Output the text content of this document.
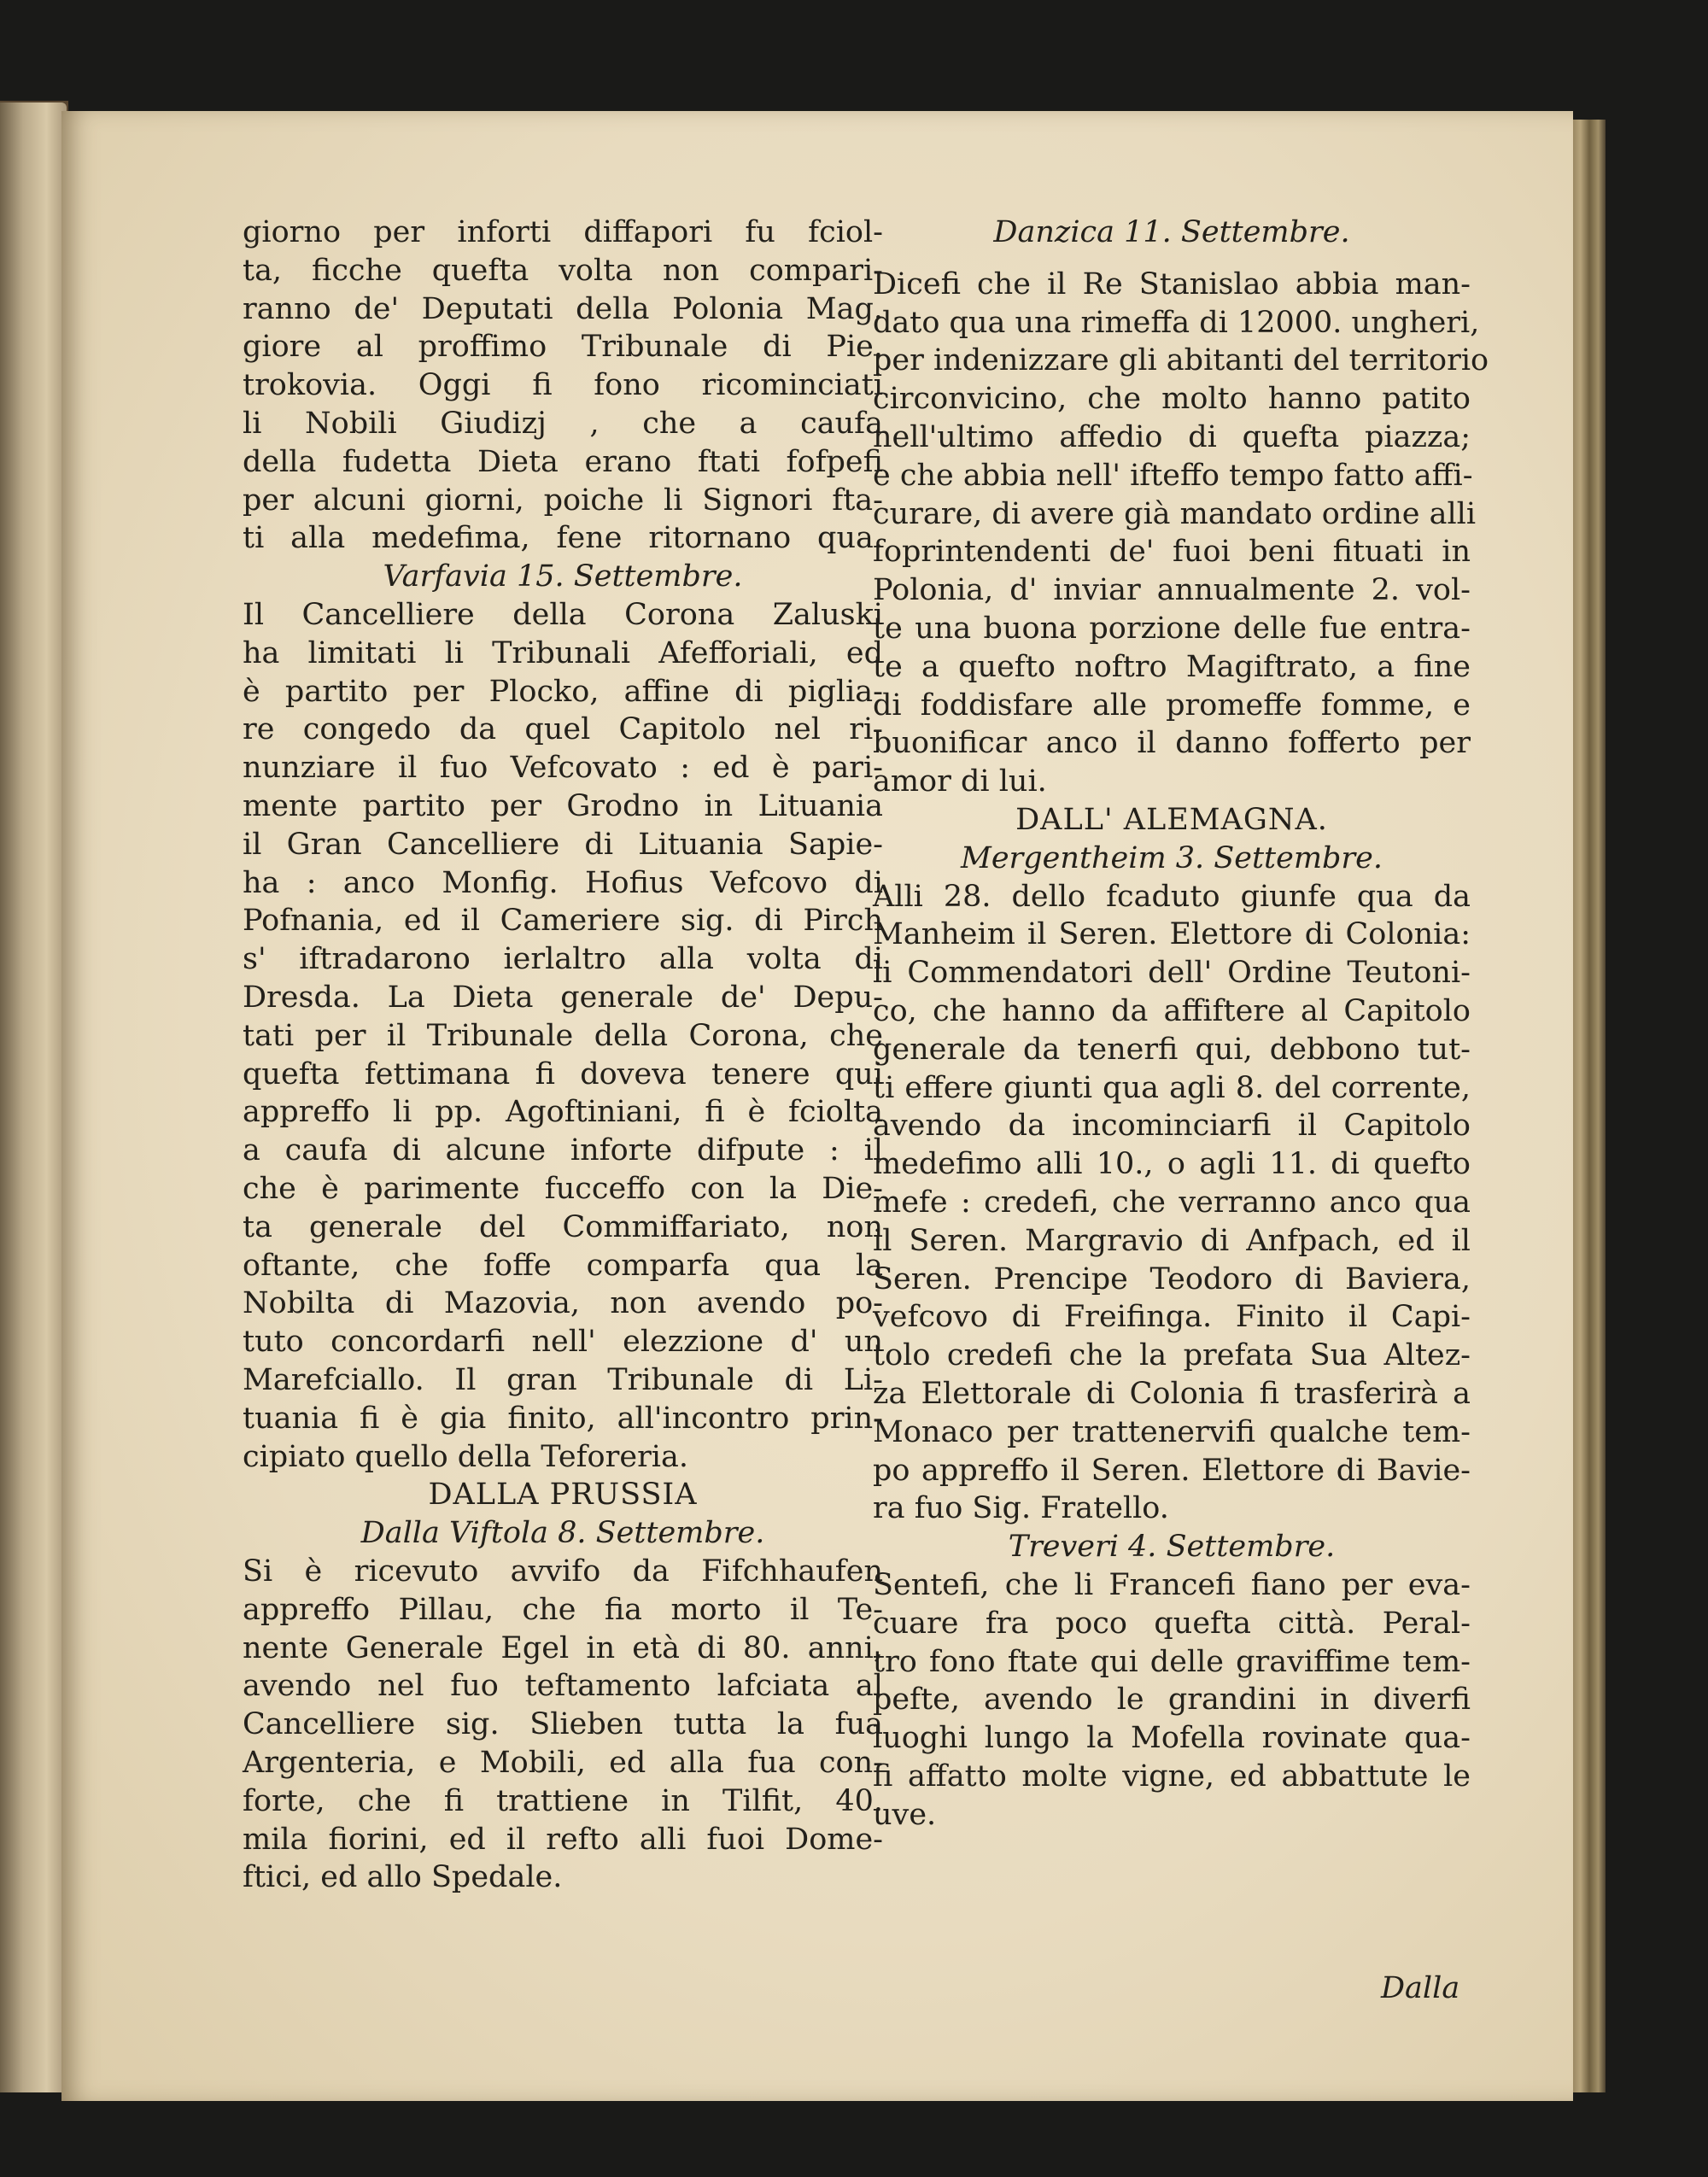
giorno per inforti diffapori fu fciol-
ta, ficche quefta volta non compari-
ranno de' Deputati della Polonia Mag.
giore al proffimo Tribunale di Pie.
trokovia. Oggi fi fono ricominciati
li Nobili Giudizj , che a caufa
della fudetta Dieta erano ftati fofpefi
per alcuni giorni, poiche li Signori fta-
ti alla medefima, fene ritornano qua.
Varfavia 15. Settembre.
Il Cancelliere della Corona Zaluski
ha limitati li Tribunali Afefforiali, ed
è partito per Plocko, affine di piglia-
re congedo da quel Capitolo nel ri-
nunziare il fuo Vefcovato : ed è pari-
mente partito per Grodno in Lituania
il Gran Cancelliere di Lituania Sapie-
ha : anco Monfig. Hofius Vefcovo di
Pofnania, ed il Cameriere sig. di Pirch
s' iftradarono ierlaltro alla volta di
Dresda. La Dieta generale de' Depu-
tati per il Tribunale della Corona, che
quefta fettimana fi doveva tenere qui
appreffo li pp. Agoftiniani, fi è fciolta
a caufa di alcune inforte difpute : il
che è parimente fucceffo con la Die-
ta generale del Commiffariato, non
oftante, che foffe comparfa qua la
Nobilta di Mazovia, non avendo po-
tuto concordarfi nell' elezzione d' un
Marefciallo. Il gran Tribunale di Li-
tuania fi è gia finito, all'incontro prin-
cipiato quello della Teforeria.
DALLA PRUSSIA
Dalla Viftola 8. Settembre.
Si è ricevuto avvifo da Fifchhaufen
appreffo Pillau, che fia morto il Te-
nente Generale Egel in età di 80. anni,
avendo nel fuo teftamento lafciata al
Cancelliere sig. Slieben tutta la fua
Argenteria, e Mobili, ed alla fua con-
forte, che fi trattiene in Tilfit, 40.
mila fiorini, ed il refto alli fuoi Dome-
ftici, ed allo Spedale.
Danzica 11. Settembre.
Dicefi che il Re Stanislao abbia man-
dato qua una rimeffa di 12000. ungheri,
per indenizzare gli abitanti del territorio
circonvicino, che molto hanno patito
nell'ultimo affedio di quefta piazza;
e che abbia nell' ifteffo tempo fatto affi-
curare, di avere già mandato ordine alli
foprintendenti de' fuoi beni fituati in
Polonia, d' inviar annualmente 2. vol-
te una buona porzione delle fue entra-
te a quefto noftro Magiftrato, a fine
di foddisfare alle promeffe fomme, e
buonificar anco il danno fofferto per
amor di lui.
DALL' ALEMAGNA.
Mergentheim 3. Settembre.
Alli 28. dello fcaduto giunfe qua da
Manheim il Seren. Elettore di Colonia:
li Commendatori dell' Ordine Teutoni-
co, che hanno da affiftere al Capitolo
generale da tenerfi qui, debbono tut-
ti effere giunti qua agli 8. del corrente,
avendo da incominciarfi il Capitolo
medefimo alli 10., o agli 11. di quefto
mefe : credefi, che verranno anco qua
il Seren. Margravio di Anfpach, ed il
Seren. Prencipe Teodoro di Baviera,
vefcovo di Freifinga. Finito il Capi-
tolo credefi che la prefata Sua Altez-
za Elettorale di Colonia fi trasferirà a
Monaco per trattenervifi qualche tem-
po appreffo il Seren. Elettore di Bavie-
ra fuo Sig. Fratello.
Treveri 4. Settembre.
Sentefi, che li Francefi fiano per eva-
cuare fra poco quefta città. Peral-
tro fono ftate qui delle graviffime tem-
pefte, avendo le grandini in diverfi
luoghi lungo la Mofella rovinate qua-
fi affatto molte vigne, ed abbattute le
uve.
Dalla
